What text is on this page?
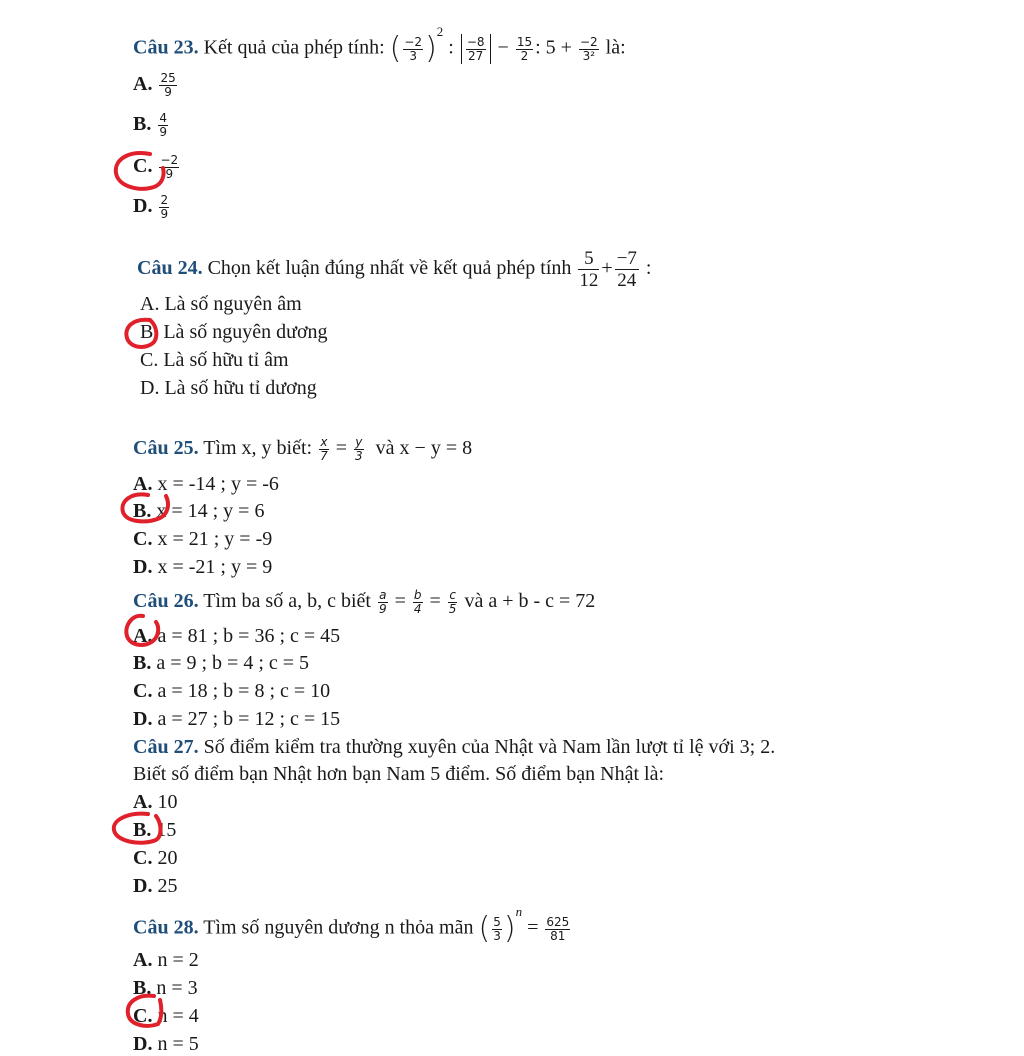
Câu 23. Kết quả của phép tính: ( $\frac{-2}{3} )^2$ : $\frac{-8}{27} - \frac{15}{2}$ : $5 + \frac{-2}{\text{3²}}$ là:
A. $\frac{25}{9}$
B. $\frac{4}{9}$
C. $\frac{-2}{9}$
D. $\frac{2}{9}$
Câu 24. Chọn kết luận đúng nhất về kết quả phép tính $\frac{5}{12} + \frac{-7}{24}$ :
A. Là số nguyên âm
B. Là số nguyên dương
C. Là số hữu tỉ âm
D. Là số hữu tỉ dương
Câu 25. Tìm x, y biết: $\frac{x}{7} = \frac{y}{3}$ và x − y = 8
A. x = -14 ; y = -6
B. x = 14 ; y = 6
C. x = 21 ; y = -9
D. x = -21 ; y = 9
Câu 26. Tìm ba số a, b, c biết $\frac{a}{9} = \frac{b}{4} = \frac{c}{5}$ và a + b - c = 72
A. a = 81 ; b = 36 ; c = 45
B. a = 9 ; b = 4 ; c = 5
C. a = 18 ; b = 8 ; c = 10
D. a = 27 ; b = 12 ; c = 15
Câu 27. Số điểm kiểm tra thường xuyên của Nhật và Nam lần lượt tỉ lệ với 3; 2.
Biết số điểm bạn Nhật hơn bạn Nam 5 điểm. Số điểm bạn Nhật là:
A. 10
B. 15
C. 20
D. 25
Câu 28. Tìm số nguyên dương n thỏa mãn ( $\frac{5}{3} )^n = \frac{625}{81}$
A. n = 2
B. n = 3
C. n = 4
D. n = 5
